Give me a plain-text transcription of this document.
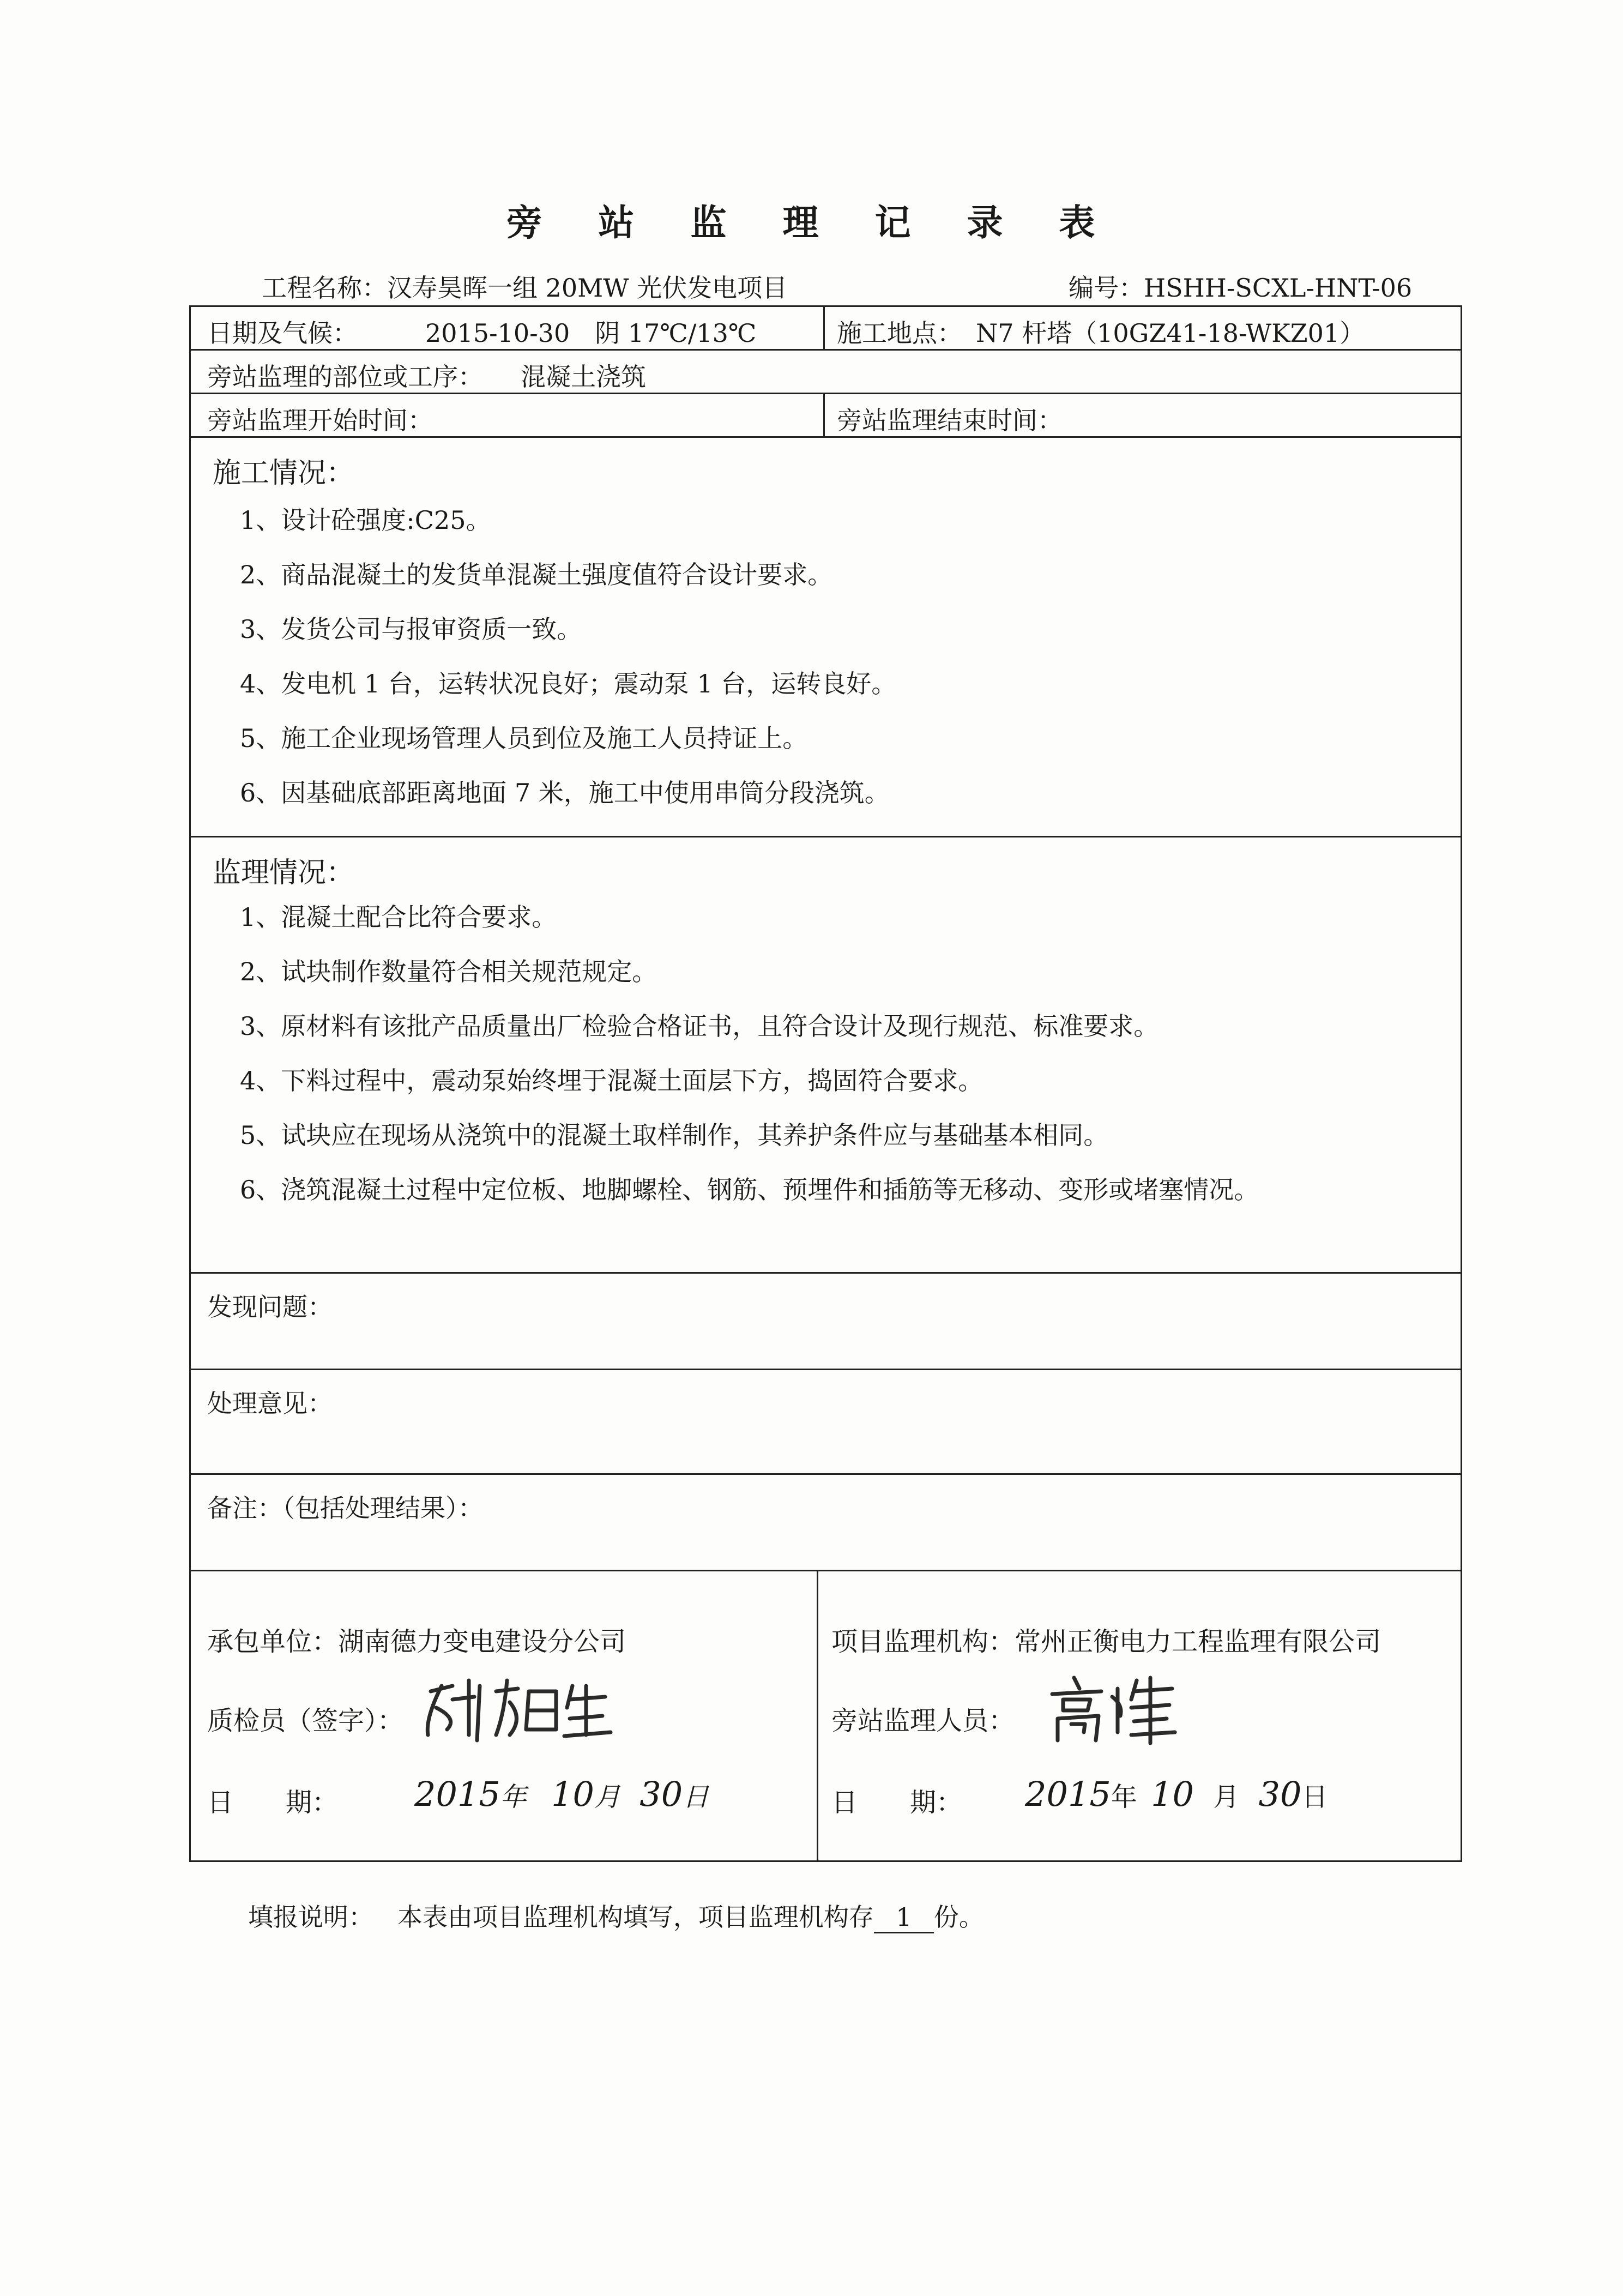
旁 站 监 理 记 录 表
工程名称：汉寿昊晖一组 20MW 光伏发电项目	编号：HSHH-SCXL-HNT-06
日期及气候：	2015-10-30　阴 17℃/13℃	施工地点： N7 杆塔（10GZ41-18-WKZ01）
旁站监理的部位或工序： 混凝土浇筑
旁站监理开始时间：	旁站监理结束时间：
施工情况：
1、设计砼强度:C25。
2、商品混凝土的发货单混凝土强度值符合设计要求。
3、发货公司与报审资质一致。
4、发电机 1 台，运转状况良好；震动泵 1 台，运转良好。
5、施工企业现场管理人员到位及施工人员持证上。
6、因基础底部距离地面 7 米，施工中使用串筒分段浇筑。
监理情况：
1、混凝土配合比符合要求。
2、试块制作数量符合相关规范规定。
3、原材料有该批产品质量出厂检验合格证书，且符合设计及现行规范、标准要求。
4、下料过程中，震动泵始终埋于混凝土面层下方，捣固符合要求。
5、试块应在现场从浇筑中的混凝土取样制作，其养护条件应与基础基本相同。
6、浇筑混凝土过程中定位板、地脚螺栓、钢筋、预埋件和插筋等无移动、变形或堵塞情况。
发现问题：
处理意见：
备注：（包括处理结果）：
承包单位：湖南德力变电建设分公司
质检员（签字）：
日　　期： 2015年 10月 30日
项目监理机构：常州正衡电力工程监理有限公司
旁站监理人员：
日　　期： 2015年 10 月 30日
填报说明： 本表由项目监理机构填写，项目监理机构存 1 份。
